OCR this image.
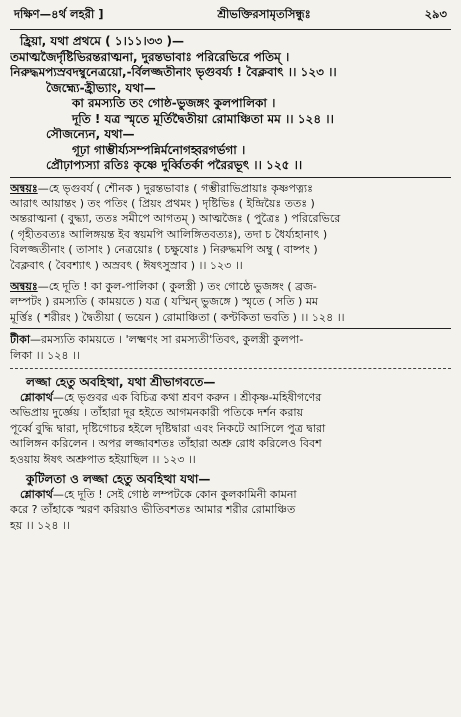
দক্ষিণ—৪র্থ লহরী ]	শ্রীভক্তিরসামৃতসিন্ধুঃ	২৯৩
হ্রিয়া, যথা প্রথমে ( ১।১১।৩৩ )—
তমাত্মজৈর্দৃষ্টিভিরন্তরাত্মনা, দুরন্তভাবাঃ পরিরেভিরে পতিম্ ।
নিরুদ্ধমপ্যস্রবদম্বুনেত্রয়ো,-র্বিলজ্জতীনাং ভৃগুবর্য্য ! বৈক্লবাৎ ।। ১২৩ ।।
জৈহ্ম্যে-হ্রীভ্যাং, যথা—
কা রমস্যতি তং গোষ্ঠ-ভুজঙ্গং কুলপালিকা ।
দূতি ! যত্র স্মৃতে মূর্তিদ্বৈতীয়া রোমাঞ্চিতা মম ।। ১২৪ ।।
সৌজন্যেন, যথা—
গূঢ়া গাম্ভীর্য্যসম্পন্নির্মনোগহ্বরগর্ভগা ।
প্রৌঢ়াপ্যস্যা রতিঃ কৃষ্ণে দুর্ব্বিতর্কা পরৈরভূৎ ।। ১২৫ ।।
অন্বয়ঃ—হে ভৃগুবর্য ( শৌনক ) দুরন্তভাবাঃ ( গম্ভীরাভিপ্রায়াঃ কৃষ্ণপত্ন্যঃ
আরাৎ আয়ান্তং ) তং পতিং ( প্রিয়ং প্রথমং ) দৃষ্টিভিঃ ( ইন্দ্রিয়ৈঃ ততঃ )
অন্তরাত্মনা ( বুদ্ধ্যা, ততঃ সমীপে আগতম্ ) আত্মজৈঃ ( পুত্রৈঃ ) পরিরেভিরে
( গৃহীতবত্যঃ আলিঙ্গয়ন্ত ইব স্বয়মপি আলিঙ্গিতবত্যঃ), তদা চ ধৈর্য্যহানাৎ )
বিলজ্জতীনাং ( তাসাং ) নেত্রয়োঃ ( চক্ষুষোঃ ) নিরুদ্ধমপি অম্বু ( বাষ্পং )
বৈক্লবাৎ ( বৈবশ্যাৎ ) অস্রবৎ ( ঈষৎসুস্রাব ) ।। ১২৩ ।।
অন্বয়ঃ—হে দূতি ! কা কুল-পালিকা ( কুলস্ত্রী ) তং গোষ্ঠে ভুজঙ্গং ( ব্রজ-
লম্পটং ) রমস্যতি ( কাময়তে ) যত্র ( যস্মিন্ ভুজঙ্গে ) স্মৃতে ( সতি ) মম
মূর্ত্তিঃ ( শরীরং ) দ্বৈতীয়া ( ভয়েন ) রোমাঞ্চিতা ( কণ্টকিতা ভবতি ) ।। ১২৪ ।।
টীকা—রমস্যতি কাময়তে । 'লক্ষ্মণং সা রমস্যতী'তিবৎ, কুলস্ত্রী কুলপা-
লিকা ।। ১২৪ ।।
লজ্জা হেতু অবহিত্থা, যথা শ্রীভাগবতে—
শ্লোকার্থ—হে ভৃগুবর এক বিচিত্র কথা শ্রবণ করুন । শ্রীকৃষ্ণ-মহিষীগণের
অভিপ্রায় দুর্জ্ঞেয় । তাঁহারা দূর হইতে আগমনকারী পতিকে দর্শন করায়
পূর্ব্বে বুদ্ধি দ্বারা, দৃষ্টিগোচর হইলে দৃষ্টিদ্বারা এবং নিকটে আসিলে পুত্র দ্বারা
আলিঙ্গন করিলেন । অপর লজ্জাবশতঃ তাঁহারা অশ্রু রোধ করিলেও বিবশ
হওয়ায় ঈষৎ অশ্রুপাত হইয়াছিল ।। ১২৩ ।।
কুটিলতা ও লজ্জা হেতু অবহিত্থা যথা—
শ্লোকার্থ—হে দূতি ! সেই গোষ্ঠ লম্পটকে কোন কুলকামিনী কামনা
করে ? তাঁহাকে স্মরণ করিয়াও ভীতিবশতঃ আমার শরীর রোমাঞ্চিত
হয় ।। ১২৪ ।।
